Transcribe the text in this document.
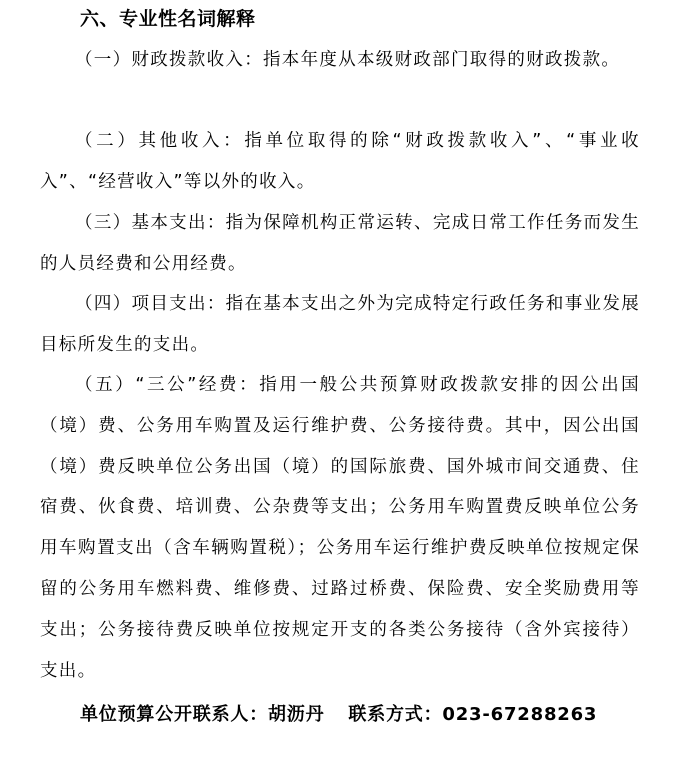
六、专业性名词解释

（一）财政拨款收入：指本年度从本级财政部门取得的财政拨款。

（二）其他收入：指单位取得的除“财政拨款收入”、“事业收入”、“经营收入”等以外的收入。

（三）基本支出：指为保障机构正常运转、完成日常工作任务而发生的人员经费和公用经费。

（四）项目支出：指在基本支出之外为完成特定行政任务和事业发展目标所发生的支出。

（五）“三公”经费：指用一般公共预算财政拨款安排的因公出国（境）费、公务用车购置及运行维护费、公务接待费。其中，因公出国（境）费反映单位公务出国（境）的国际旅费、国外城市间交通费、住宿费、伙食费、培训费、公杂费等支出；公务用车购置费反映单位公务用车购置支出（含车辆购置税）；公务用车运行维护费反映单位按规定保留的公务用车燃料费、维修费、过路过桥费、保险费、安全奖励费用等支出；公务接待费反映单位按规定开支的各类公务接待（含外宾接待）支出。

单位预算公开联系人：胡沥丹 联系方式：023-67288263
